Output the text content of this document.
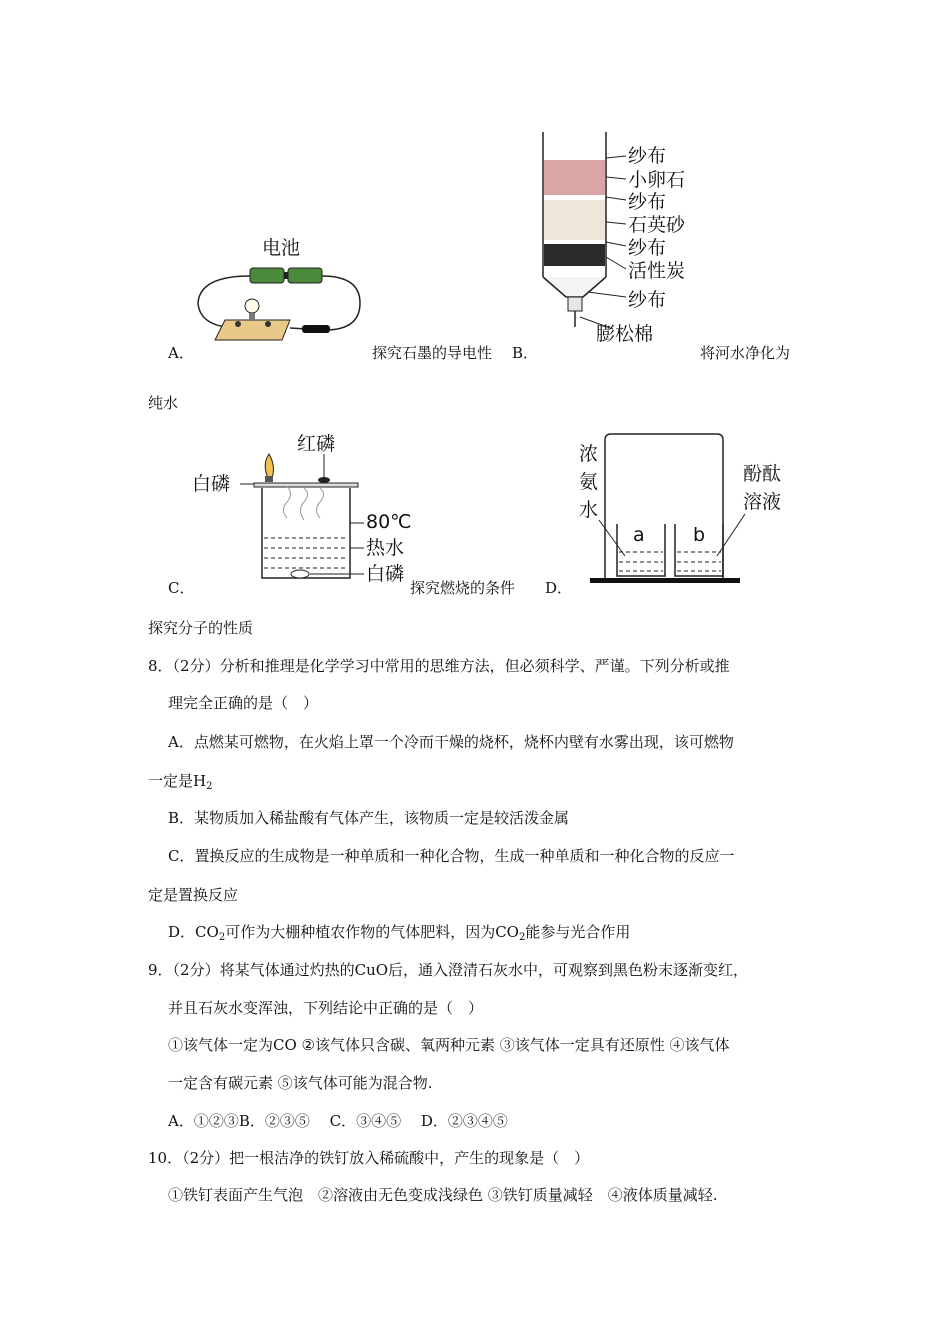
电池
A．	探究石墨的导电性
纱布
小卵石
纱布
石英砂
纱布
活性炭
纱布
膨松棉
B．	将河水净化为
纯水
红磷
白磷
80℃
热水
白磷
C．	探究燃烧的条件
a	b
浓
氨
水
酚酞
溶液
D．
探究分子的性质
8．（2分）分析和推理是化学学习中常用的思维方法，但必须科学、严谨。下列分析或推
理完全正确的是（　）
A．点燃某可燃物，在火焰上罩一个冷而干燥的烧杯，烧杯内壁有水雾出现，该可燃物
一定是$H_2$
B．某物质加入稀盐酸有气体产生，该物质一定是较活泼金属
C．置换反应的生成物是一种单质和一种化合物，生成一种单质和一种化合物的反应一
定是置换反应
D．$CO_2$可作为大棚种植农作物的气体肥料，因为$CO_2$能参与光合作用
9．（2分）将某气体通过灼热的CuO后，通入澄清石灰水中，可观察到黑色粉末逐渐变红，
并且石灰水变浑浊，下列结论中正确的是（　）
①该气体一定为CO ②该气体只含碳、氧两种元素 ③该气体一定具有还原性 ④该气体
一定含有碳元素 ⑤该气体可能为混合物.
A．①②③B．②③⑤　 C．③④⑤　 D．②③④⑤
10．（2分）把一根洁净的铁钉放入稀硫酸中，产生的现象是（　）
①铁钉表面产生气泡　②溶液由无色变成浅绿色 ③铁钉质量减轻　④液体质量减轻.
